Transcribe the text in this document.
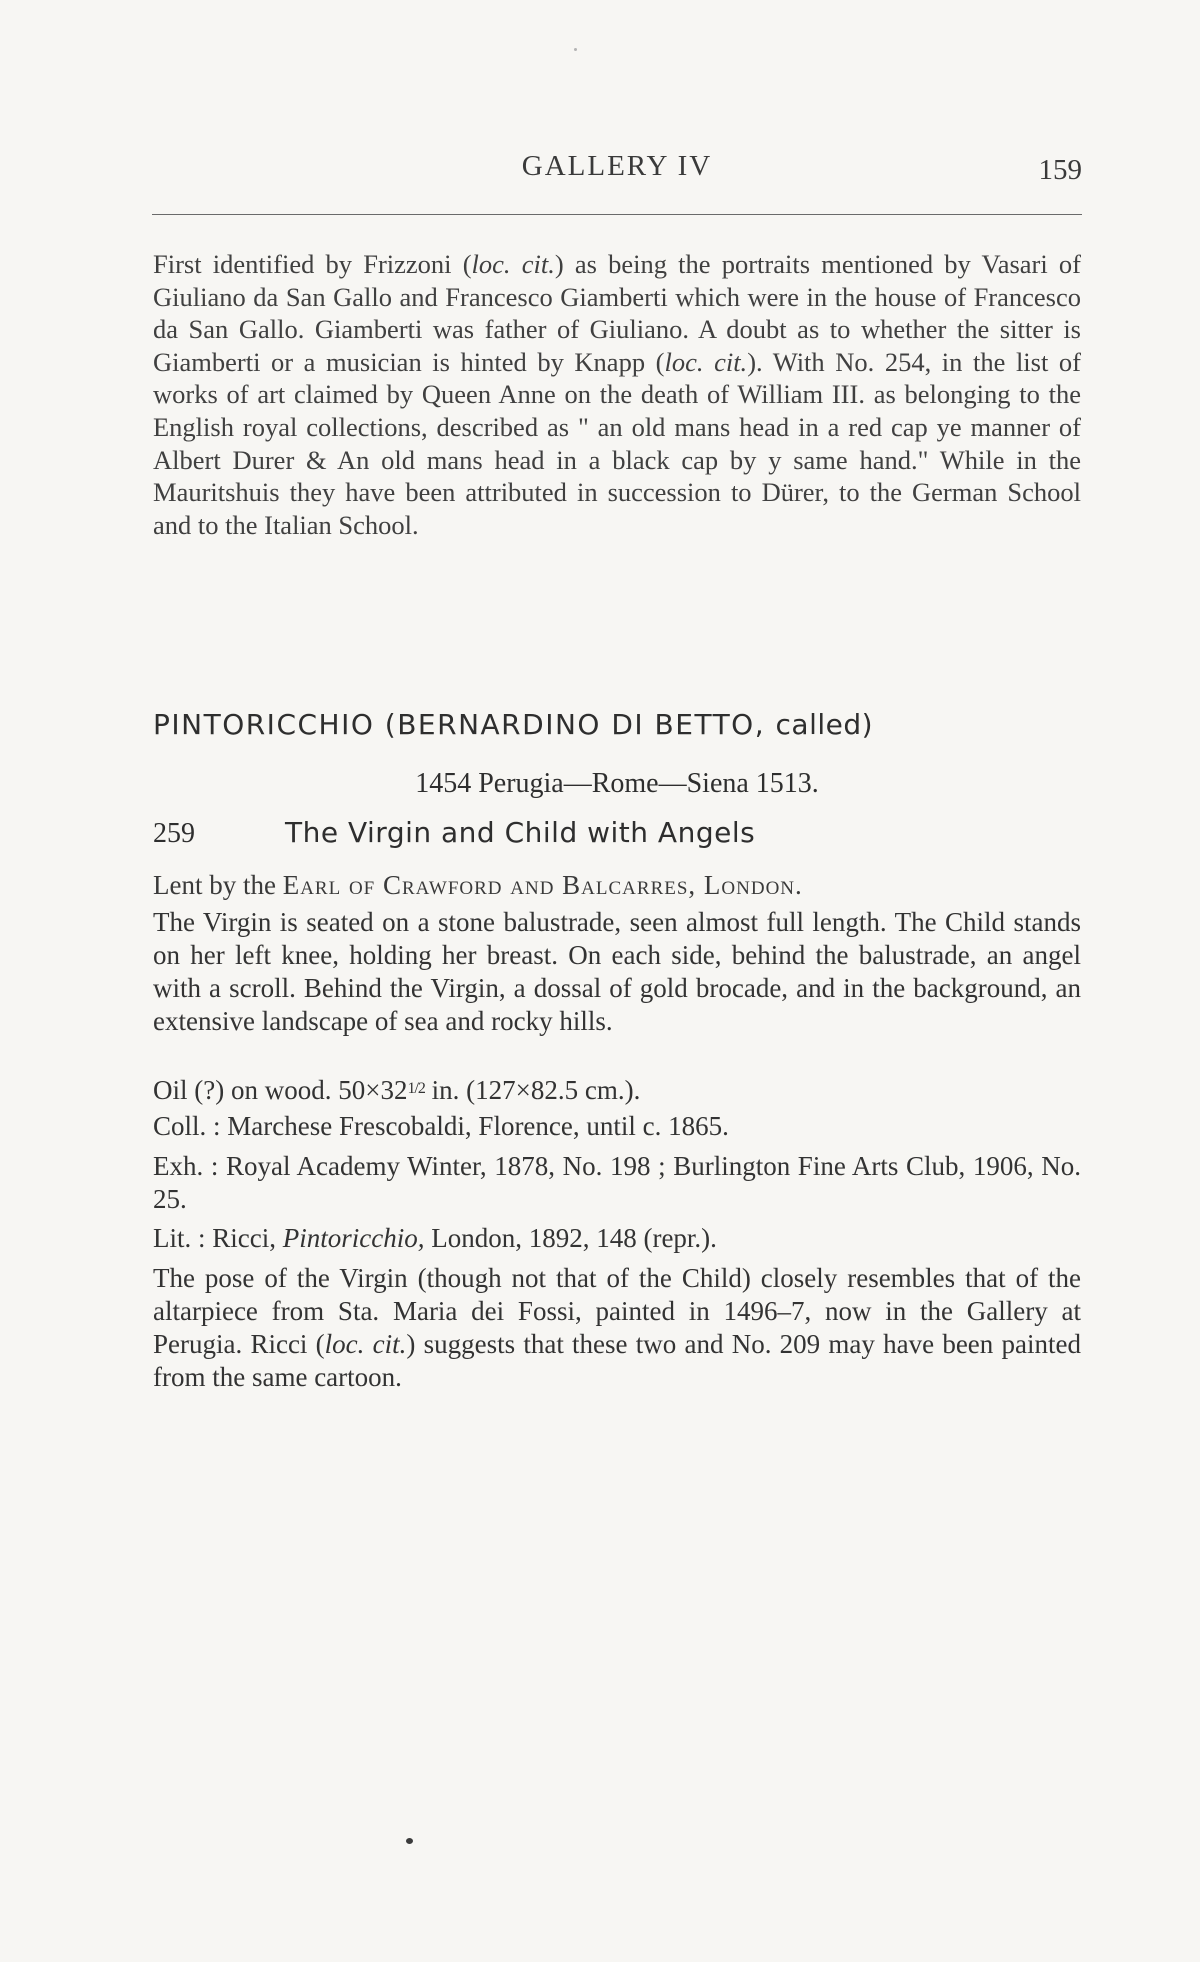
GALLERY IV	159

First identified by Frizzoni (loc. cit.) as being the portraits mentioned by Vasari of Giuliano da San Gallo and Francesco Giamberti which were in the house of Francesco da San Gallo. Giamberti was father of Giuliano. A doubt as to whether the sitter is Giamberti or a musician is hinted by Knapp (loc. cit.). With No. 254, in the list of works of art claimed by Queen Anne on the death of William III. as belonging to the English royal collections, described as " an old mans head in a red cap ye manner of Albert Durer & An old mans head in a black cap by y same hand." While in the Mauritshuis they have been attributed in succession to Dürer, to the German School and to the Italian School.

PINTORICCHIO (BERNARDINO DI BETTO, called)
1454 Perugia—Rome—Siena 1513.
259	The Virgin and Child with Angels
Lent by the Earl of Crawford and Balcarres, London.

The Virgin is seated on a stone balustrade, seen almost full length. The Child stands on her left knee, holding her breast. On each side, behind the balustrade, an angel with a scroll. Behind the Virgin, a dossal of gold brocade, and in the background, an extensive landscape of sea and rocky hills.

Oil (?) on wood. $50\times 32^{1/2}$ in. (127×82.5 cm.).

Coll. : Marchese Frescobaldi, Florence, until c. 1865.

Exh. : Royal Academy Winter, 1878, No. 198 ; Burlington Fine Arts Club, 1906, No. 25.

Lit. : Ricci, Pintoricchio, London, 1892, 148 (repr.).

The pose of the Virgin (though not that of the Child) closely resembles that of the altarpiece from Sta. Maria dei Fossi, painted in 1496–7, now in the Gallery at Perugia. Ricci (loc. cit.) suggests that these two and No. 209 may have been painted from the same cartoon.
